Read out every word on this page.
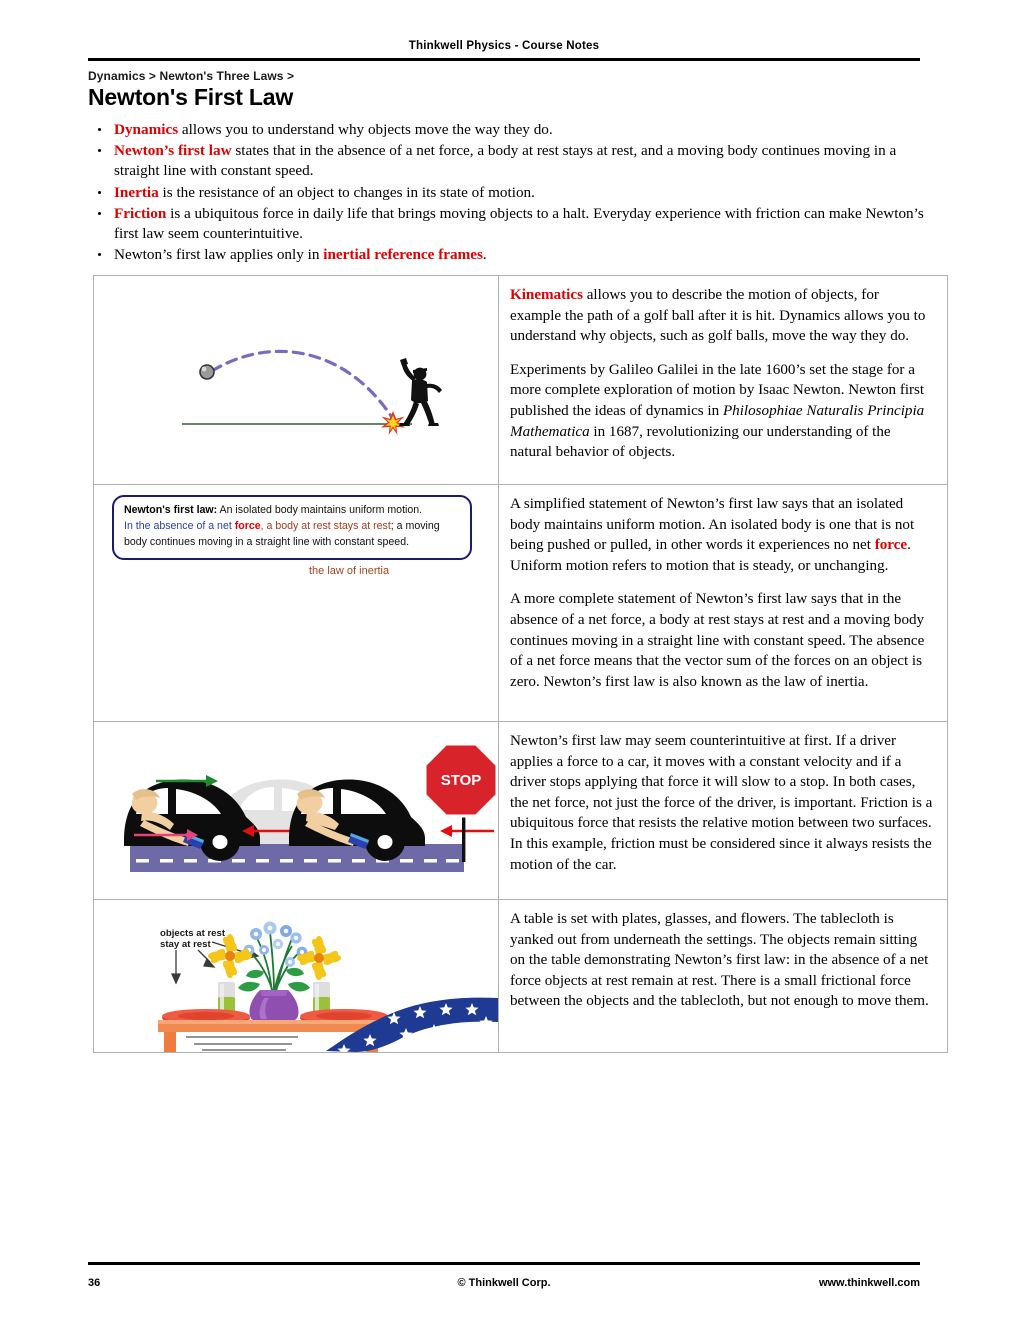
Thinkwell Physics - Course Notes
Dynamics > Newton's Three Laws >
Newton's First Law
Dynamics allows you to understand why objects move the way they do.
Newton’s first law states that in the absence of a net force, a body at rest stays at rest, and a moving body continues moving in a straight line with constant speed.
Inertia is the resistance of an object to changes in its state of motion.
Friction is a ubiquitous force in daily life that brings moving objects to a halt. Everyday experience with friction can make Newton’s first law seem counterintuitive.
Newton’s first law applies only in inertial reference frames.

Kinematics allows you to describe the motion of objects, for example the path of a golf ball after it is hit. Dynamics allows you to understand why objects, such as golf balls, move the way they do.

Experiments by Galileo Galilei in the late 1600’s set the stage for a more complete exploration of motion by Isaac Newton. Newton first published the ideas of dynamics in Philosophiae Naturalis Principia Mathematica in 1687, revolutionizing our understanding of the natural behavior of objects.

Newton's first law: An isolated body maintains uniform motion.
In the absence of a net force, a body at rest stays at rest; a moving
body continues moving in a straight line with constant speed.
the law of inertia

A simplified statement of Newton’s first law says that an isolated body maintains uniform motion. An isolated body is one that is not being pushed or pulled, in other words it experiences no net force. Uniform motion refers to motion that is steady, or unchanging.

A more complete statement of Newton’s first law says that in the absence of a net force, a body at rest stays at rest and a moving body continues moving in a straight line with constant speed. The absence of a net force means that the vector sum of the forces on an object is zero. Newton’s first law is also known as the law of inertia.

STOP	Newton’s first law may seem counterintuitive at first. If a driver applies a force to a car, it moves with a constant velocity and if a driver stops applying that force it will slow to a stop. In both cases, the net force, not just the force of the driver, is important. Friction is a ubiquitous force that resists the relative motion between two surfaces. In this example, friction must be considered since it always resists the motion of the car.

objects at rest
stay at rest	A table is set with plates, glasses, and flowers. The tablecloth is yanked out from underneath the settings. The objects remain sitting on the table demonstrating Newton’s first law: in the absence of a net force objects at rest remain at rest. There is a small frictional force between the objects and the tablecloth, but not enough to move them.

36	© Thinkwell Corp.	www.thinkwell.com
